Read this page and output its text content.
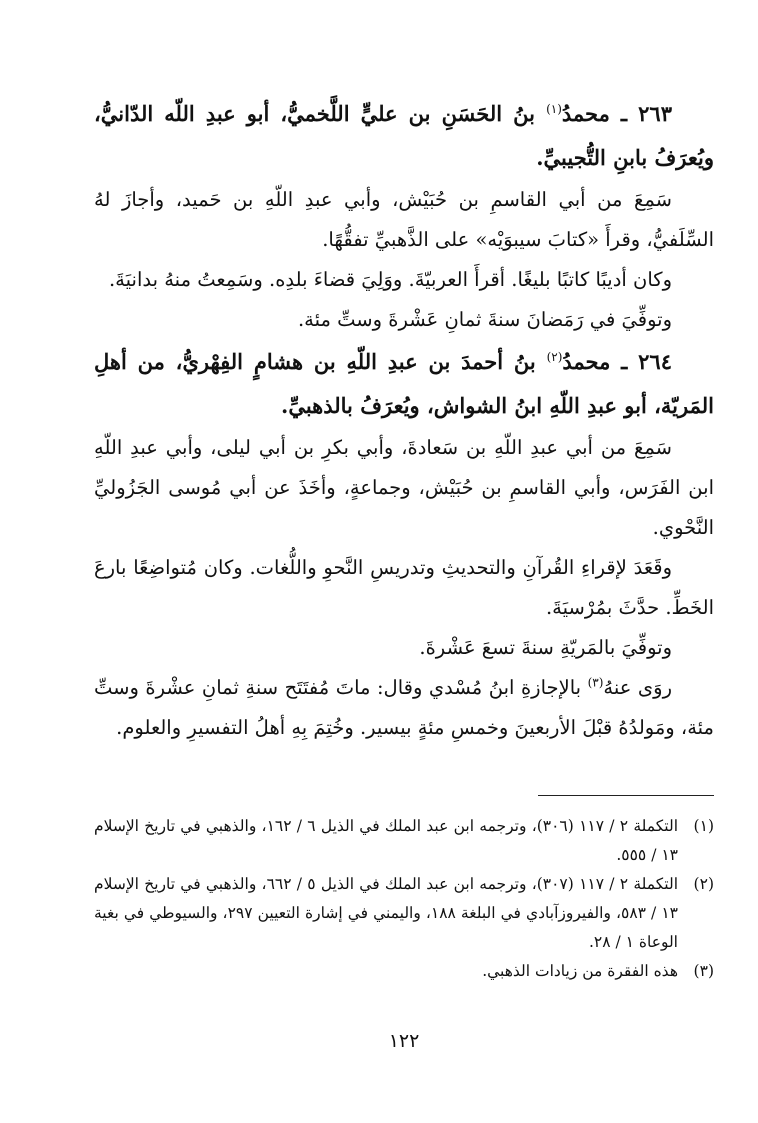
٢٦٣ ـ محمدُ$^{(١)}$ بنُ الحَسَنِ بن عليٍّ اللَّخميُّ، أبو عبدِ اللّه الدّانيُّ، ويُعرَفُ بابنِ التُّجيبيِّ.

سَمِعَ من أبي القاسمِ بن حُبَيْش، وأبي عبدِ اللّهِ بن حَميد، وأجازَ لهُ السِّلَفيُّ، وقرأَ «كتابَ سيبوَيْه» على الذَّهبيِّ تفقُّهًا.

وكان أديبًا كاتبًا بليغًا. أقرأَ العربيّةَ. ووَلِيَ قضاءَ بلدِه. وسَمِعتُ منهُ بدانيَةَ.

وتوفِّيَ في رَمَضانَ سنةَ ثمانِ عَشْرةَ وستِّ مئة.

٢٦٤ ـ محمدُ$^{(٢)}$ بنُ أحمدَ بن عبدِ اللّهِ بن هشامٍ الفِهْريُّ، من أهلِ المَريّة، أبو عبدِ اللّهِ ابنُ الشواش، ويُعرَفُ بالذهبيِّ.

سَمِعَ من أبي عبدِ اللّهِ بن سَعادةَ، وأبي بكرِ بن أبي ليلى، وأبي عبدِ اللّهِ ابن الفَرَس، وأبي القاسمِ بن حُبَيْش، وجماعةٍ، وأخَذَ عن أبي مُوسى الجَزُوليِّ النَّحْوي.

وقَعَدَ لإقراءِ القُرآنِ والتحديثِ وتدريسِ النَّحوِ واللُّغات. وكان مُتواضِعًا بارعَ الخَطِّ. حدَّثَ بمُرْسيَةَ.

وتوفِّيَ بالمَريّةِ سنةَ تسعَ عَشْرةَ.

روَى عنهُ$^{(٣)}$ بالإجازةِ ابنُ مُسْدي وقال: ماتَ مُفتَتَح سنةِ ثمانِ عشْرةَ وستِّ مئة، ومَولدُهُ قبْلَ الأربعينَ وخمسِ مئةٍ بيسير. وخُتِمَ بِهِ أهلُ التفسيرِ والعلوم.

(١)
التكملة ٢ / ١١٧ (٣٠٦)، وترجمه ابن عبد الملك في الذيل ٦ / ١٦٢، والذهبي في تاريخ الإسلام ١٣ / ٥٥٥.
(٢)
التكملة ٢ / ١١٧ (٣٠٧)، وترجمه ابن عبد الملك في الذيل ٥ / ٦٦٢، والذهبي في تاريخ الإسلام ١٣ / ٥٨٣، والفيروزآبادي في البلغة ١٨٨، واليمني في إشارة التعيين ٢٩٧، والسيوطي في بغية الوعاة ١ / ٢٨.
(٣)
هذه الفقرة من زيادات الذهبي.
١٢٢
